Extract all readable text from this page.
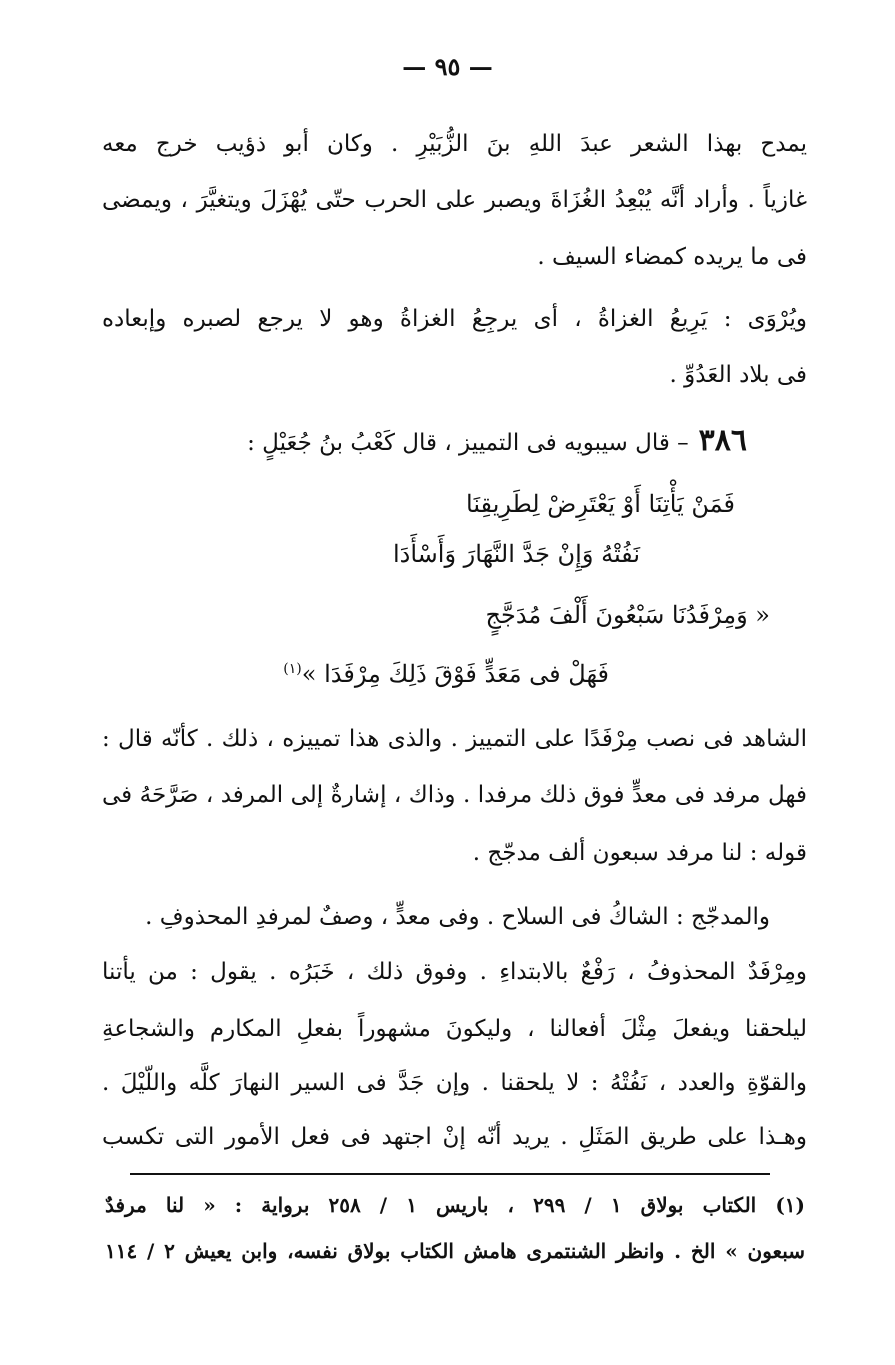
— ٩٥ —
يمدح بهذا الشعر عبدَ اللهِ بنَ الزُّبَيْرِ . وكان أبو ذؤيب خرج معه
غازياً . وأراد أنَّه يُبْعِدُ الغُزَاةَ ويصبر على الحرب حتّى يُهْزَلَ ويتغيَّرَ ، ويمضى
فى ما يريده كمضاء السيف .
ويُرْوَى : يَرِيعُ الغزاةُ ، أى يرجِعُ الغزاةُ وهو لا يرجع لصبره وإبعاده
فى بلاد العَدُوِّ .
٣٨٦– قال سيبويه فى التمييز ، قال كَعْبُ بنُ جُعَيْلٍ :
فَمَنْ يَأْتِنَا أَوْ يَعْتَرِضْ لِطَرِيقِنَا
نَفُتْهُ وَإِنْ جَدَّ النَّهَارَ وَأَسْأَدَا
« وَمِرْفَدُنَا سَبْعُونَ أَلْفَ مُدَجَّجٍ
فَهَلْ فى مَعَدٍّ فَوْقَ ذَلِكَ مِرْفَدَا »$^{(١)}$
الشاهد فى نصب مِرْفَدًا على التمييز . والذى هذا تمييزه ، ذلك . كأنّه قال :
فهل مرفد فى معدٍّ فوق ذلك مرفدا . وذاك ، إشارةٌ إلى المرفد ، صَرَّحَهُ فى
قوله : لنا مرفد سبعون ألف مدجّج .
والمدجّج : الشاكُ فى السلاح . وفى معدٍّ ، وصفٌ لمرفدِ المحذوفِ .
ومِرْفَدٌ المحذوفُ ، رَفْعٌ بالابتداءِ . وفوق ذلك ، خَبَرُه . يقول : من يأتنا
ليلحقنا ويفعلَ مِثْلَ أفعالنا ، وليكونَ مشهوراً بفعلِ المكارم والشجاعةِ
والقوّةِ والعدد ، نَفُتْهُ : لا يلحقنا . وإن جَدَّ فى السير النهارَ كلَّه واللّيْلَ .
وهـذا على طريق المَثَلِ . يريد أنّه إنْ اجتهد فى فعل الأمور التى تكسب
(١) الكتاب بولاق ١ / ٢٩٩ ، باريس ١ / ٢٥٨ برواية : « لنا مرفدٌ
سبعون » الخ . وانظر الشنتمرى هامش الكتاب بولاق نفسه، وابن يعيش ٢ / ١١٤
